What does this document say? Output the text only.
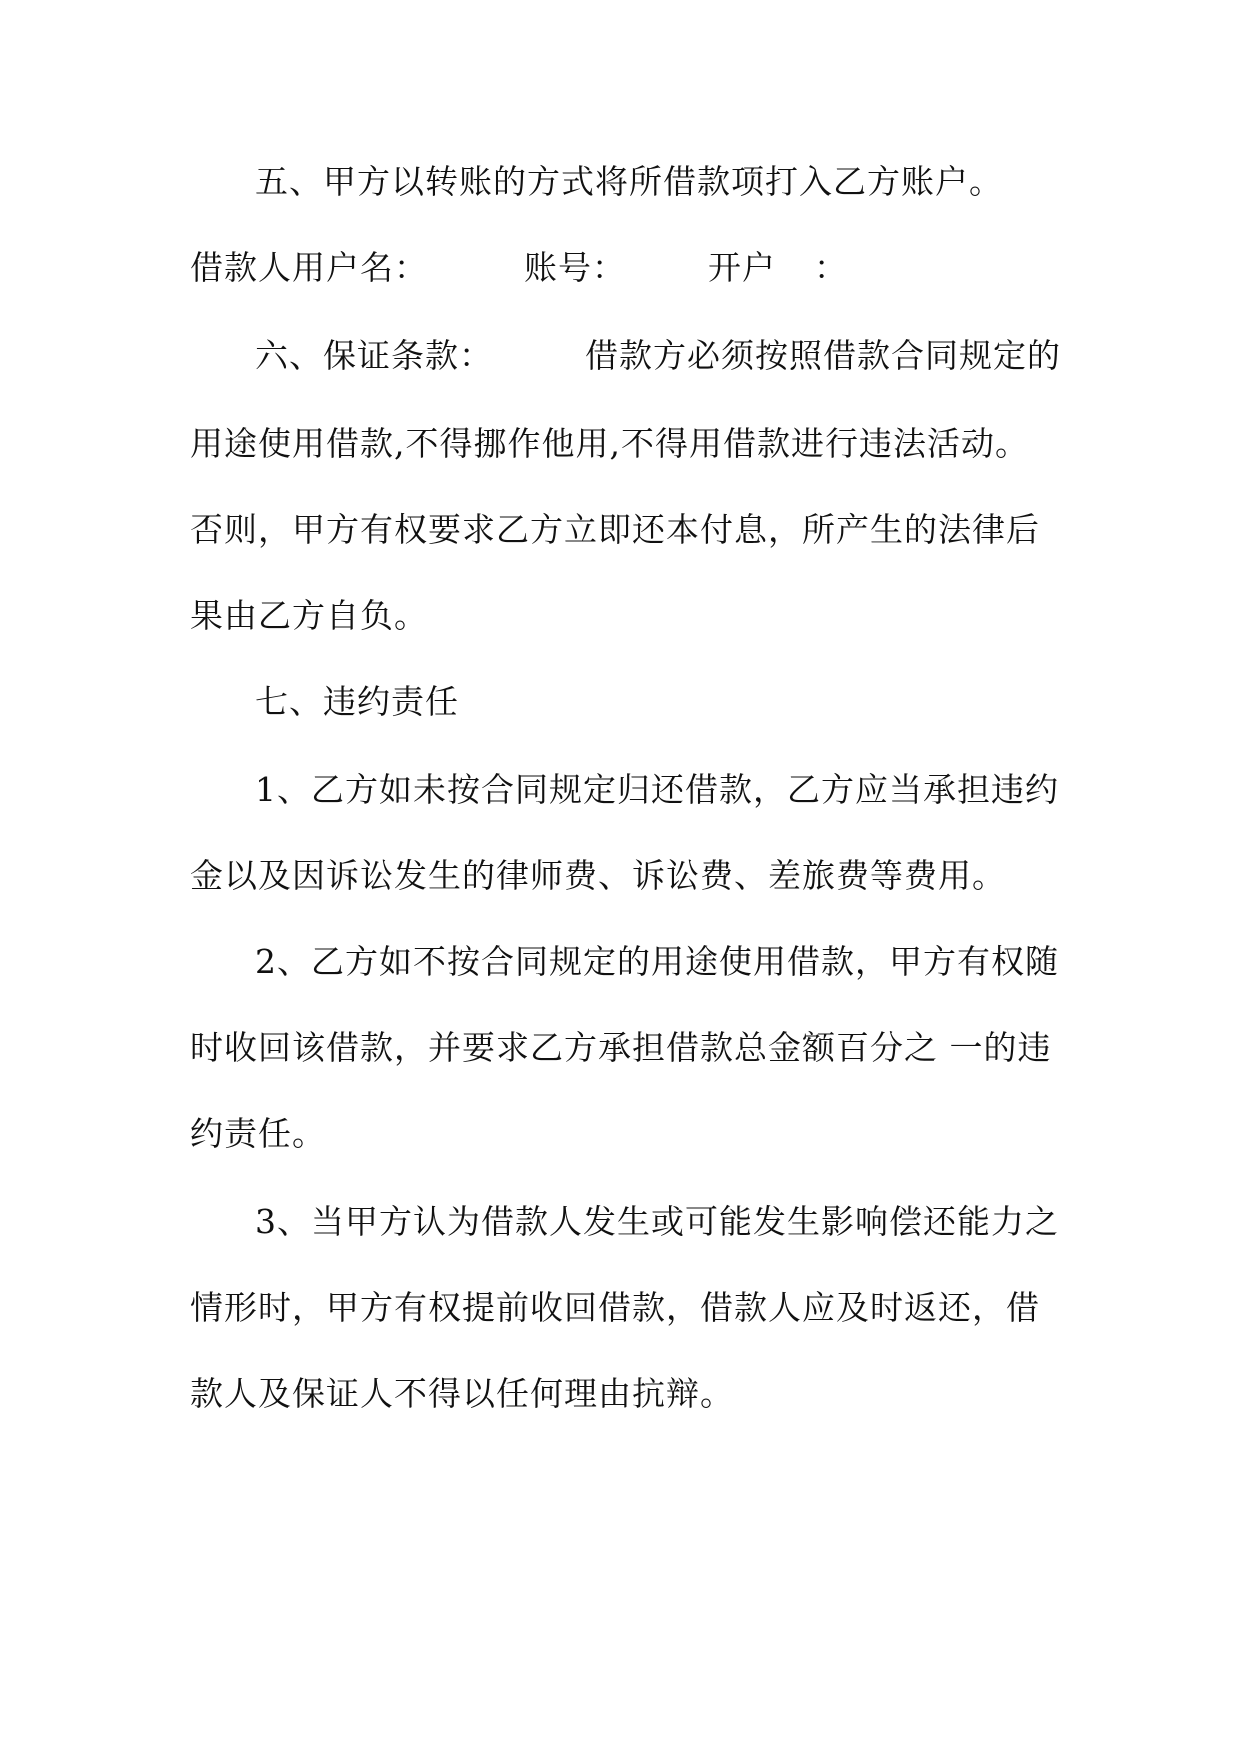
五、甲方以转账的方式将所借款项打入乙方账户。
借款人用户名：	账号： 开户 ：
六、保证条款：	借款方必须按照借款合同规定的
用途使用借款,不得挪作他用,不得用借款进行违法活动。
否则，甲方有权要求乙方立即还本付息，所产生的法律后
果由乙方自负。
七、违约责任
1、乙方如未按合同规定归还借款，乙方应当承担违约
金以及因诉讼发生的律师费、诉讼费、差旅费等费用。
2、乙方如不按合同规定的用途使用借款，甲方有权随
时收回该借款，并要求乙方承担借款总金额百分之 一的违
约责任。
3、当甲方认为借款人发生或可能发生影响偿还能力之
情形时，甲方有权提前收回借款，借款人应及时返还，借
款人及保证人不得以任何理由抗辩。
